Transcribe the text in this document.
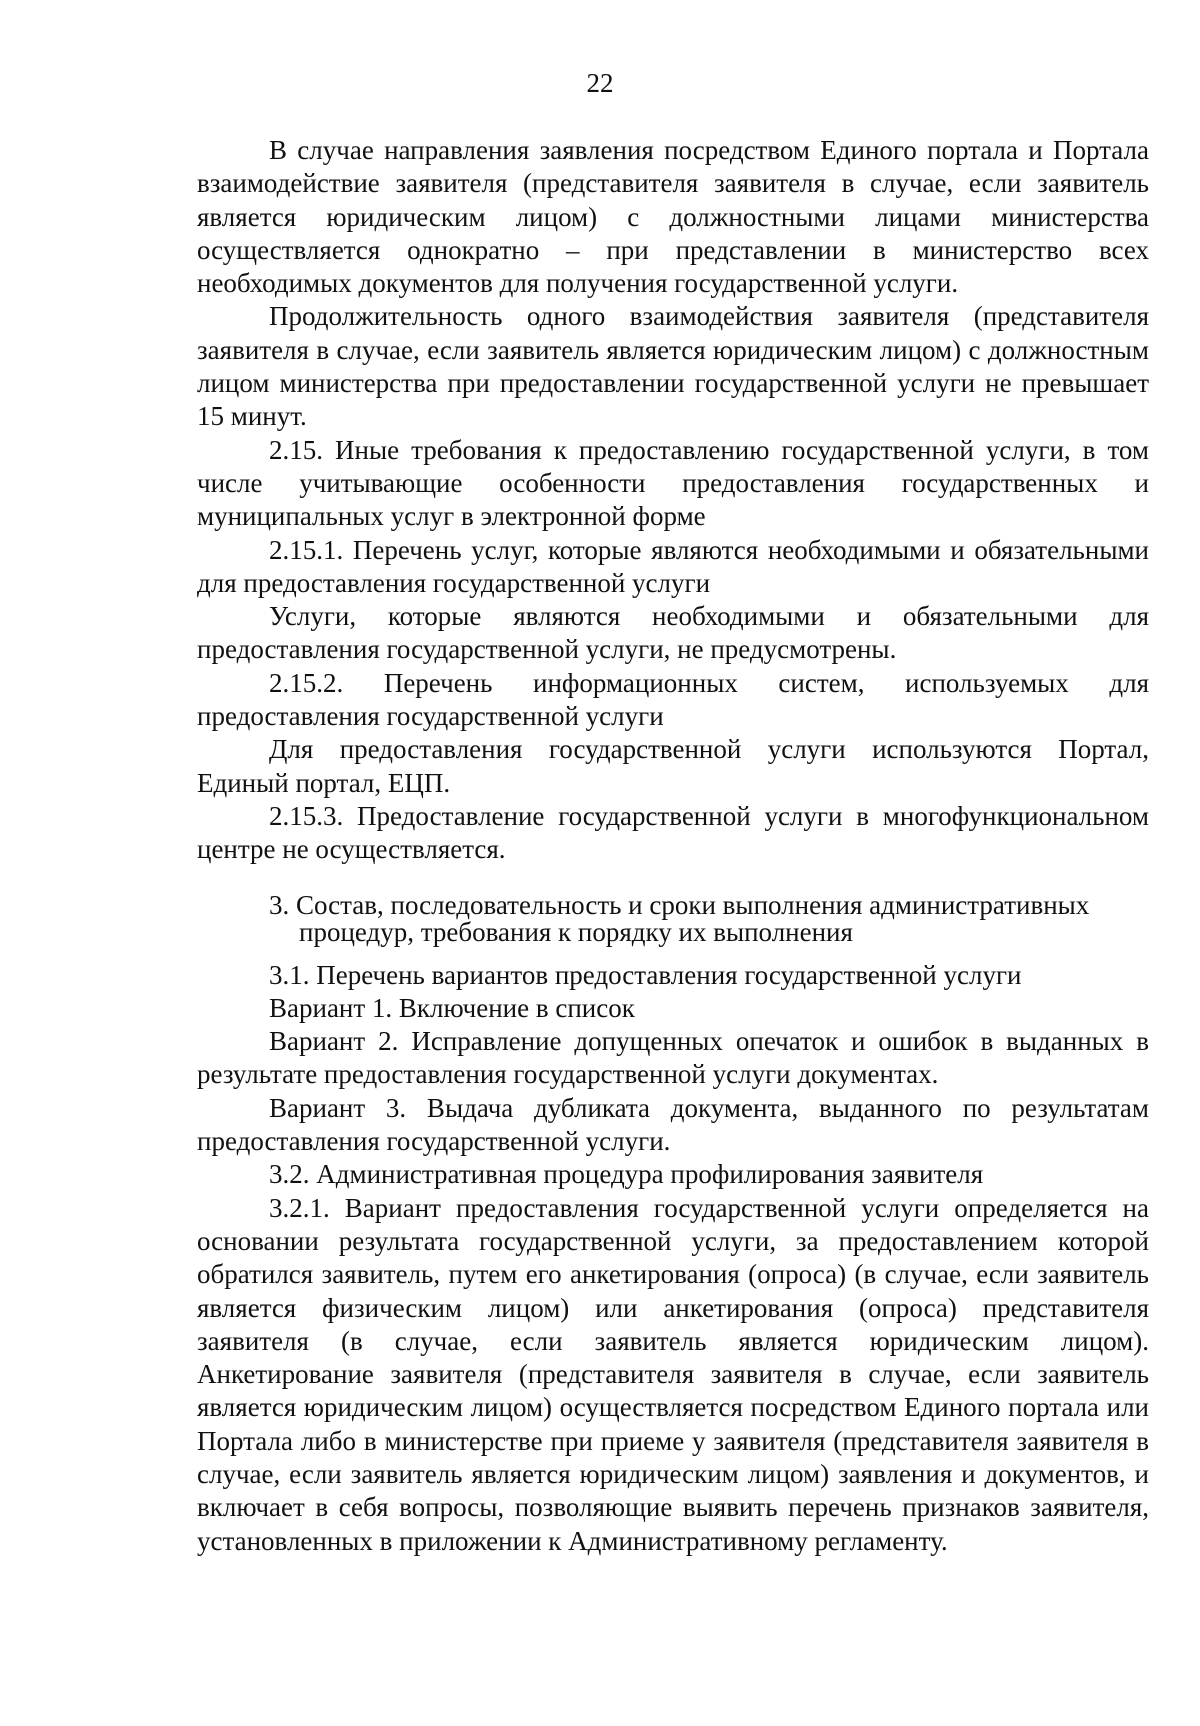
22

В случае направления заявления посредством Единого портала и Портала взаимодействие заявителя (представителя заявителя в случае, если заявитель является юридическим лицом) с должностными лицами министерства осуществляется однократно – при представлении в министерство всех необходимых документов для получения государственной услуги.

Продолжительность одного взаимодействия заявителя (представителя заявителя в случае, если заявитель является юридическим лицом) с должностным лицом министерства при предоставлении государственной услуги не превышает 15 минут.

2.15. Иные требования к предоставлению государственной услуги, в том числе учитывающие особенности предоставления государственных и муниципальных услуг в электронной форме

2.15.1. Перечень услуг, которые являются необходимыми и обязательными для предоставления государственной услуги

Услуги, которые являются необходимыми и обязательными для предоставления государственной услуги, не предусмотрены.

2.15.2. Перечень информационных систем, используемых для предоставления государственной услуги

Для предоставления государственной услуги используются Портал, Единый портал, ЕЦП.

2.15.3. Предоставление государственной услуги в многофункциональном центре не осуществляется.

3. Состав, последовательность и сроки выполнения административных
процедур, требования к порядку их выполнения

3.1. Перечень вариантов предоставления государственной услуги

Вариант 1. Включение в список

Вариант 2. Исправление допущенных опечаток и ошибок в выданных в результате предоставления государственной услуги документах.

Вариант 3. Выдача дубликата документа, выданного по результатам предоставления государственной услуги.

3.2. Административная процедура профилирования заявителя

3.2.1. Вариант предоставления государственной услуги определяется на основании результата государственной услуги, за предоставлением которой обратился заявитель, путем его анкетирования (опроса) (в случае, если заявитель является физическим лицом) или анкетирования (опроса) представителя заявителя (в случае, если заявитель является юридическим лицом). Анкетирование заявителя (представителя заявителя в случае, если заявитель является юридическим лицом) осуществляется посредством Единого портала или Портала либо в министерстве при приеме у заявителя (представителя заявителя в случае, если заявитель является юридическим лицом) заявления и документов, и включает в себя вопросы, позволяющие выявить перечень признаков заявителя, установленных в приложении к Административному регламенту.
